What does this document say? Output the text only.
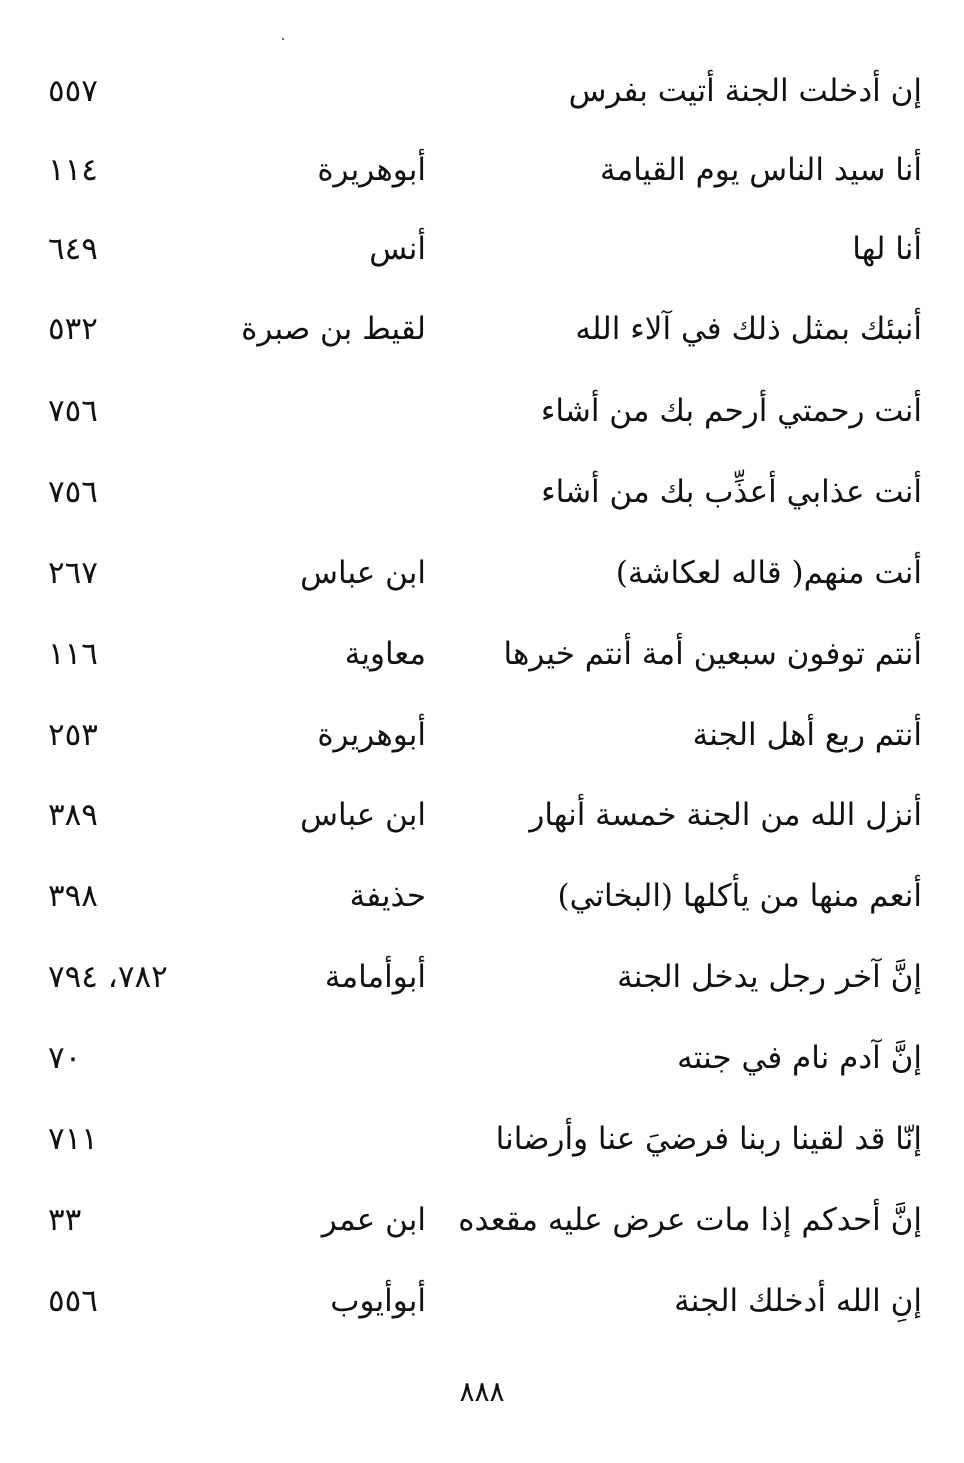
إن أدخلت الجنة أتيت بفرس
٥٥٧
أنا سيد الناس يوم القيامة
أبوهريرة
١١٤
أنا لها
أنس
٦٤٩
أنبئك بمثل ذلك في آلاء الله
لقيط بن صبرة
٥٣٢
أنت رحمتي أرحم بك من أشاء
٧٥٦
أنت عذابي أعذِّب بك من أشاء
٧٥٦
أنت منهم( قاله لعكاشة)
ابن عباس
٢٦٧
أنتم توفون سبعين أمة أنتم خيرها
معاوية
١١٦
أنتم ربع أهل الجنة
أبوهريرة
٢٥٣
أنزل الله من الجنة خمسة أنهار
ابن عباس
٣٨٩
أنعم منها من يأكلها (البخاتي)
حذيفة
٣٩٨
إنَّ آخر رجل يدخل الجنة
أبوأمامة
٧٨٢، ٧٩٤
إنَّ آدم نام في جنته
٧٠
إنّا قد لقينا ربنا فرضيَ عنا وأرضانا
٧١١
إنَّ أحدكم إذا مات عرض عليه مقعده
ابن عمر
٣٣
إنِ الله أدخلك الجنة
أبوأيوب
٥٥٦
٨٨٨
